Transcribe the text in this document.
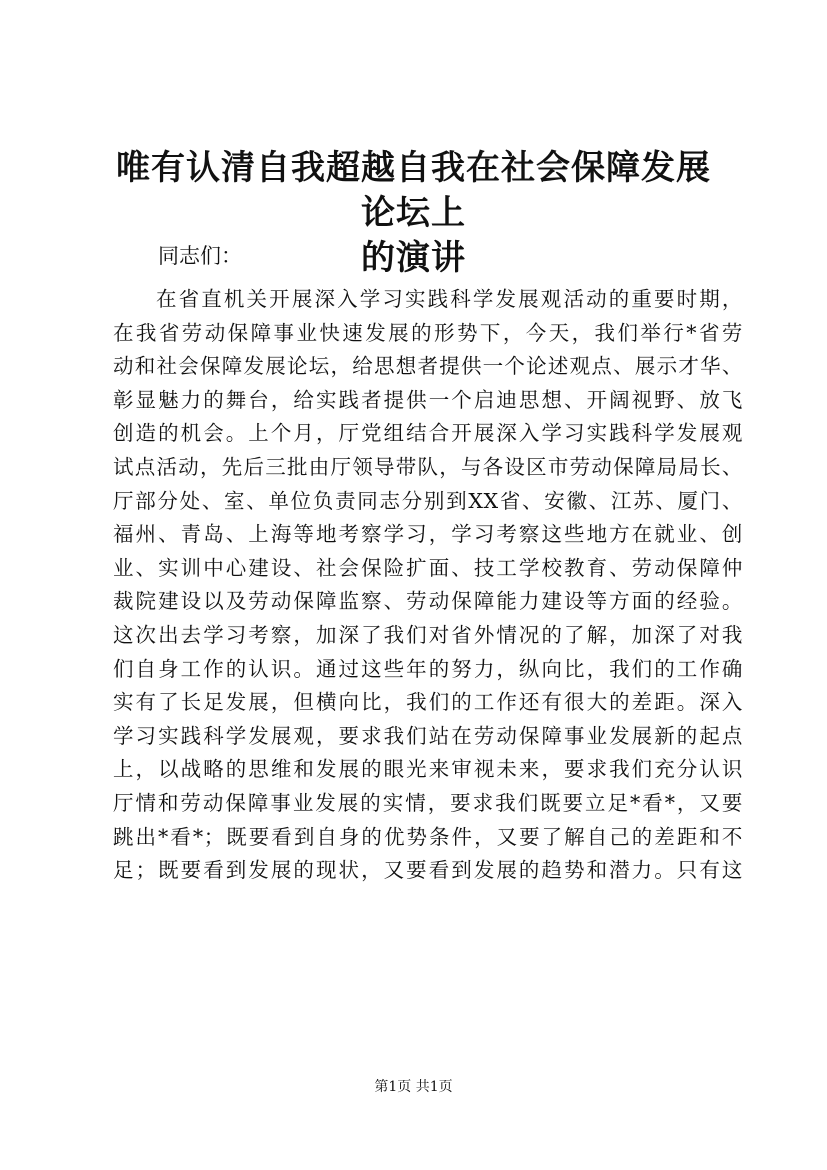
唯有认清自我超越自我在社会保障发展论坛上
的演讲
同志们：
在省直机关开展深入学习实践科学发展观活动的重要时期，
在我省劳动保障事业快速发展的形势下，今天，我们举行*省劳
动和社会保障发展论坛，给思想者提供一个论述观点、展示才华、
彰显魅力的舞台，给实践者提供一个启迪思想、开阔视野、放飞
创造的机会。上个月，厅党组结合开展深入学习实践科学发展观
试点活动，先后三批由厅领导带队，与各设区市劳动保障局局长、
厅部分处、室、单位负责同志分别到XX省、安徽、江苏、厦门、
福州、青岛、上海等地考察学习，学习考察这些地方在就业、创
业、实训中心建设、社会保险扩面、技工学校教育、劳动保障仲
裁院建设以及劳动保障监察、劳动保障能力建设等方面的经验。
这次出去学习考察，加深了我们对省外情况的了解，加深了对我
们自身工作的认识。通过这些年的努力，纵向比，我们的工作确
实有了长足发展，但横向比，我们的工作还有很大的差距。深入
学习实践科学发展观，要求我们站在劳动保障事业发展新的起点
上，以战略的思维和发展的眼光来审视未来，要求我们充分认识
厅情和劳动保障事业发展的实情，要求我们既要立足*看*，又要
跳出*看*；既要看到自身的优势条件，又要了解自己的差距和不
足；既要看到发展的现状，又要看到发展的趋势和潜力。只有这
第1页 共1页
